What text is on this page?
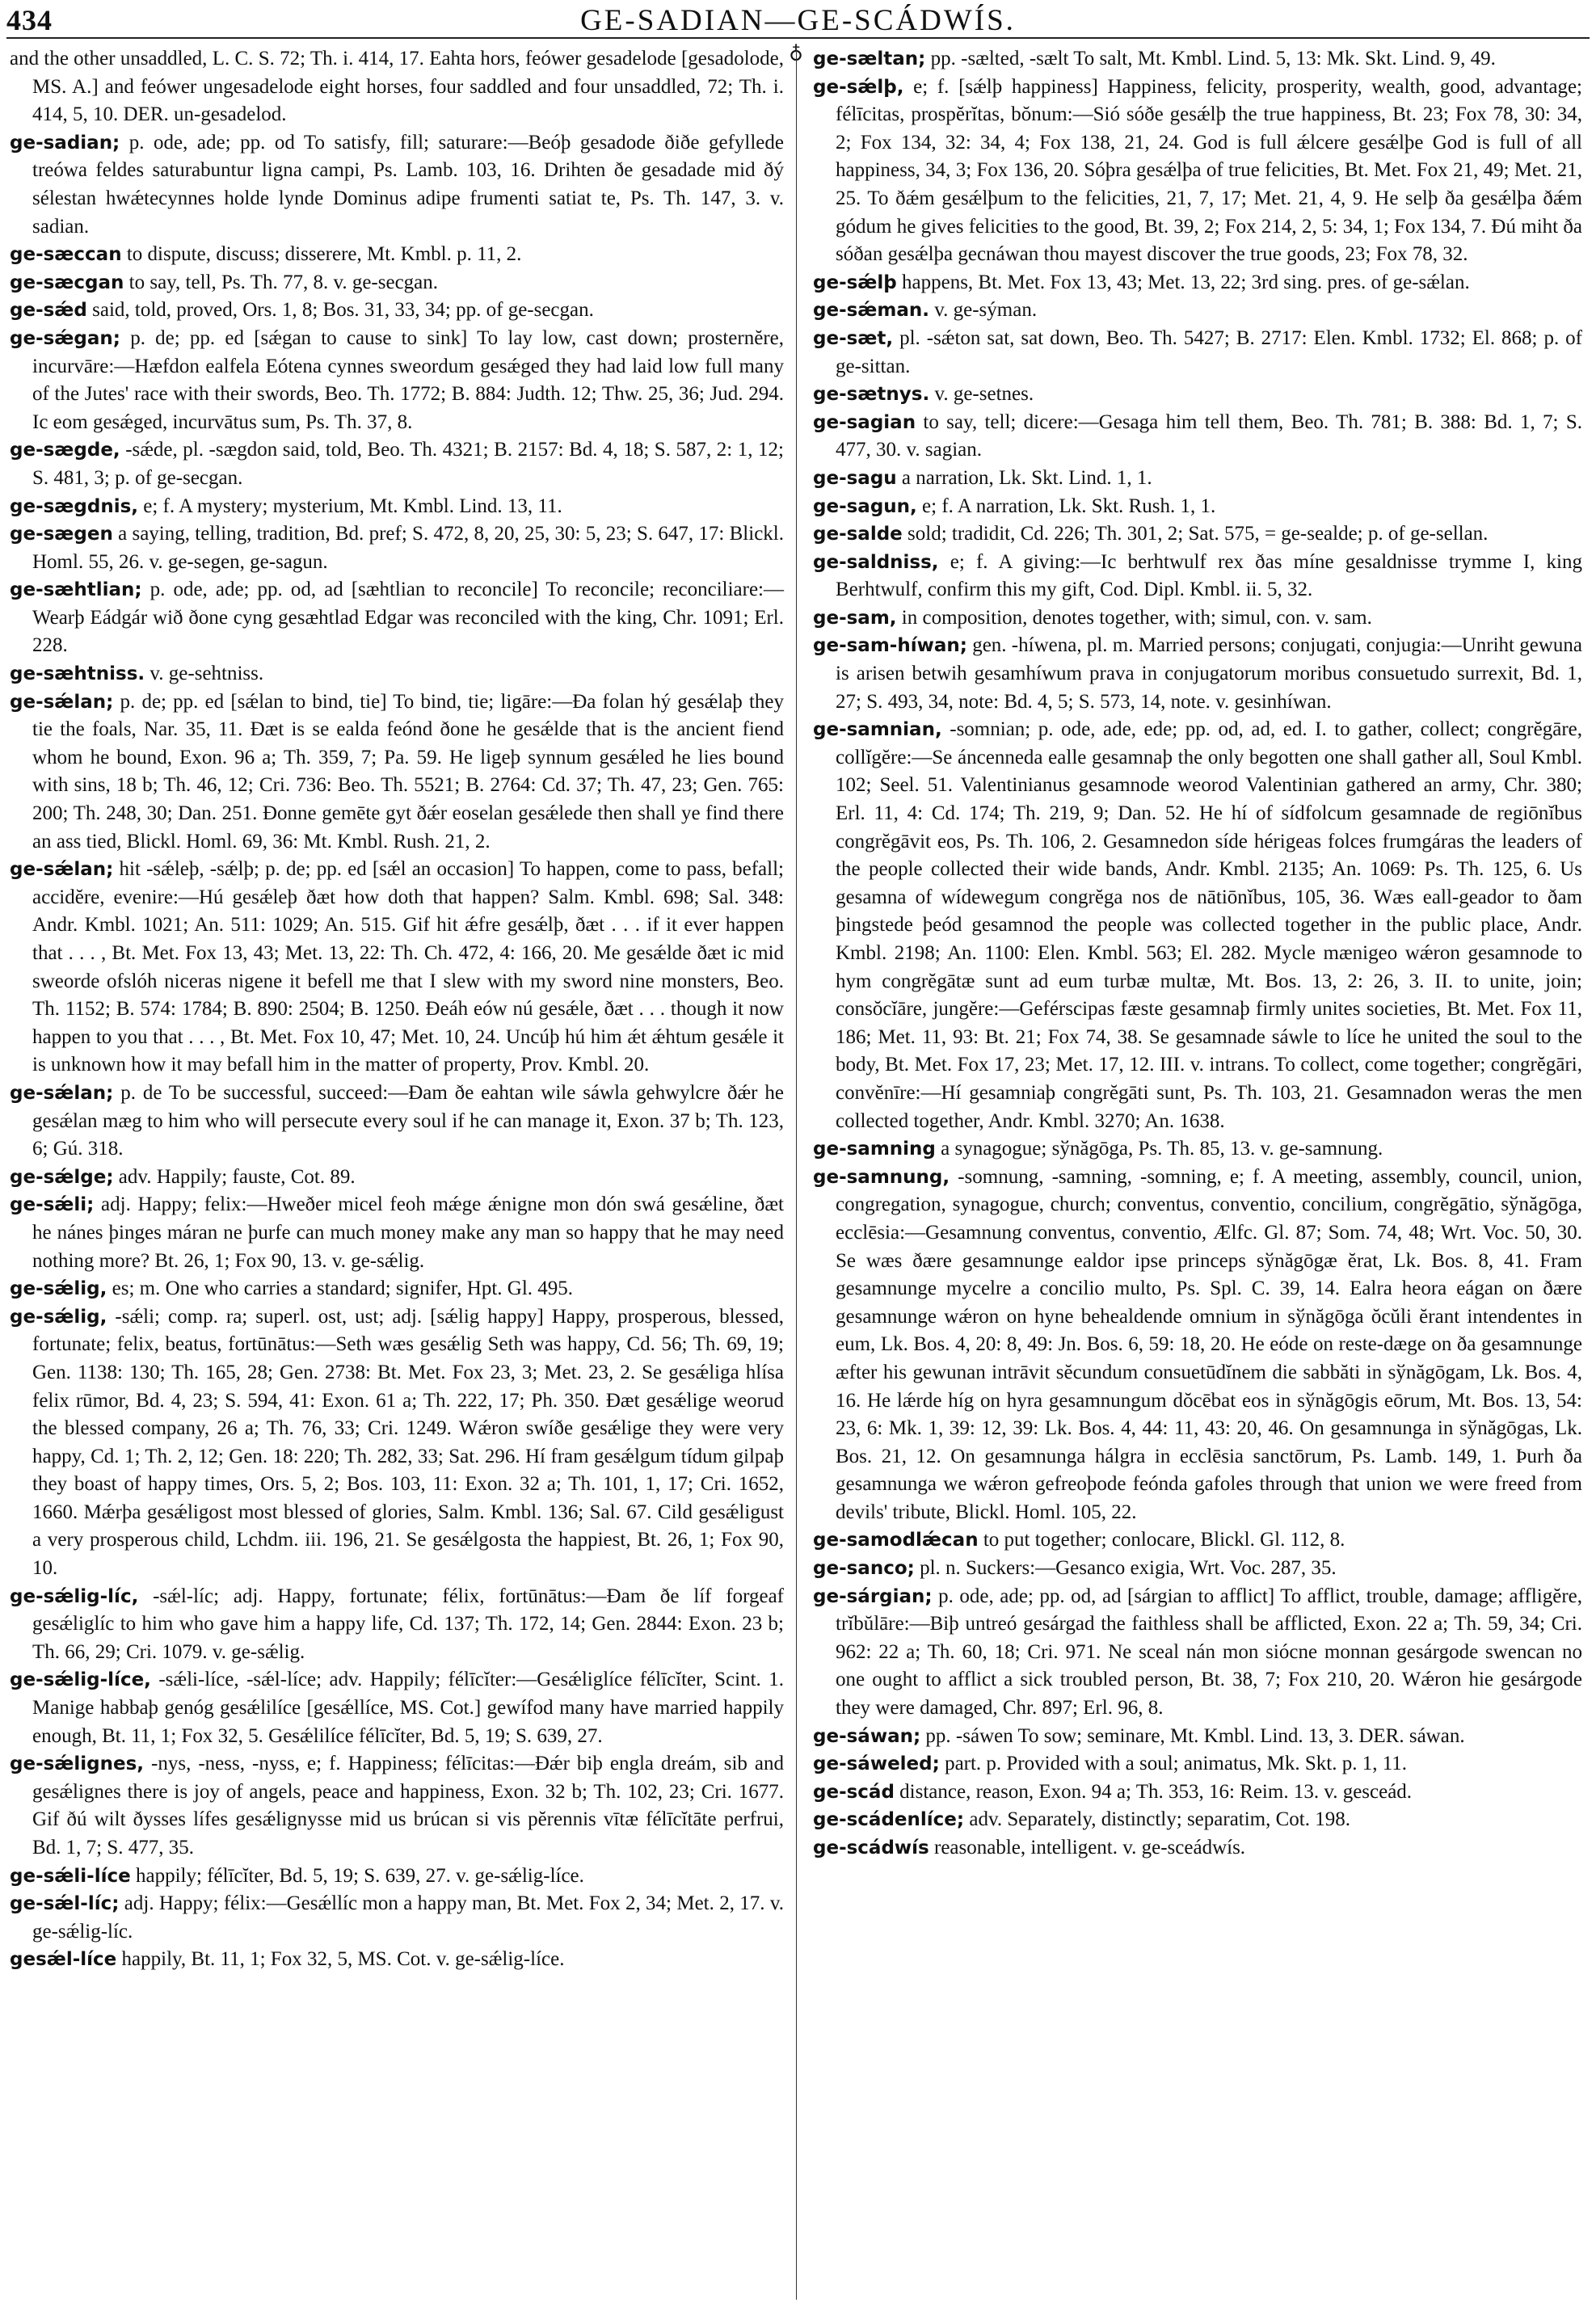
434	GE-SADIAN—GE-SCÁDWÍS.
♁
and the other unsaddled, L. C. S. 72; Th. i. 414, 17. Eahta hors, feówer gesadelode [gesadolode, MS. A.] and feówer ungesadelode eight horses, four saddled and four unsaddled, 72; Th. i. 414, 5, 10. DER. un-gesadelod.
ge-sadian; p. ode, ade; pp. od To satisfy, fill; saturare:—Beóþ gesadode ðiðe gefyllede treówa feldes saturabuntur ligna campi, Ps. Lamb. 103, 16. Drihten ðe gesadade mid ðý sélestan hwǽtecynnes holde lynde Dominus adipe frumenti satiat te, Ps. Th. 147, 3. v. sadian.
ge-sæccan to dispute, discuss; disserere, Mt. Kmbl. p. 11, 2.
ge-sæcgan to say, tell, Ps. Th. 77, 8. v. ge-secgan.
ge-sǽd said, told, proved, Ors. 1, 8; Bos. 31, 33, 34; pp. of ge-secgan.
ge-sǽgan; p. de; pp. ed [sǽgan to cause to sink] To lay low, cast down; prosternĕre, incurvāre:—Hæfdon ealfela Eótena cynnes sweordum gesǽged they had laid low full many of the Jutes' race with their swords, Beo. Th. 1772; B. 884: Judth. 12; Thw. 25, 36; Jud. 294. Ic eom gesǽged, incurvātus sum, Ps. Th. 37, 8.
ge-sægde, -sǽde, pl. -sægdon said, told, Beo. Th. 4321; B. 2157: Bd. 4, 18; S. 587, 2: 1, 12; S. 481, 3; p. of ge-secgan.
ge-sægdnis, e; f. A mystery; mysterium, Mt. Kmbl. Lind. 13, 11.
ge-sægen a saying, telling, tradition, Bd. pref; S. 472, 8, 20, 25, 30: 5, 23; S. 647, 17: Blickl. Homl. 55, 26. v. ge-segen, ge-sagun.
ge-sæhtlian; p. ode, ade; pp. od, ad [sæhtlian to reconcile] To reconcile; reconciliare:—Wearþ Eádgár wið ðone cyng gesæhtlad Edgar was reconciled with the king, Chr. 1091; Erl. 228.
ge-sæhtniss. v. ge-sehtniss.
ge-sǽlan; p. de; pp. ed [sǽlan to bind, tie] To bind, tie; ligāre:—Ða folan hý gesǽlaþ they tie the foals, Nar. 35, 11. Ðæt is se ealda feónd ðone he gesǽlde that is the ancient fiend whom he bound, Exon. 96 a; Th. 359, 7; Pa. 59. He ligeþ synnum gesǽled he lies bound with sins, 18 b; Th. 46, 12; Cri. 736: Beo. Th. 5521; B. 2764: Cd. 37; Th. 47, 23; Gen. 765: 200; Th. 248, 30; Dan. 251. Ðonne gemēte gyt ðǽr eoselan gesǽlede then shall ye find there an ass tied, Blickl. Homl. 69, 36: Mt. Kmbl. Rush. 21, 2.
ge-sǽlan; hit -sǽleþ, -sǽlþ; p. de; pp. ed [sǽl an occasion] To happen, come to pass, befall; accidĕre, evenire:—Hú gesǽleþ ðæt how doth that happen? Salm. Kmbl. 698; Sal. 348: Andr. Kmbl. 1021; An. 511: 1029; An. 515. Gif hit ǽfre gesǽlþ, ðæt . . . if it ever happen that . . . , Bt. Met. Fox 13, 43; Met. 13, 22: Th. Ch. 472, 4: 166, 20. Me gesǽlde ðæt ic mid sweorde ofslóh niceras nigene it befell me that I slew with my sword nine monsters, Beo. Th. 1152; B. 574: 1784; B. 890: 2504; B. 1250. Ðeáh eów nú gesǽle, ðæt . . . though it now happen to you that . . . , Bt. Met. Fox 10, 47; Met. 10, 24. Uncúþ hú him ǽt ǽhtum gesǽle it is unknown how it may befall him in the matter of property, Prov. Kmbl. 20.
ge-sǽlan; p. de To be successful, succeed:—Ðam ðe eahtan wile sáwla gehwylcre ðǽr he gesǽlan mæg to him who will persecute every soul if he can manage it, Exon. 37 b; Th. 123, 6; Gú. 318.
ge-sǽlge; adv. Happily; fauste, Cot. 89.
ge-sǽli; adj. Happy; felix:—Hweðer micel feoh mǽge ǽnigne mon dón swá gesǽline, ðæt he nánes þinges máran ne þurfe can much money make any man so happy that he may need nothing more? Bt. 26, 1; Fox 90, 13. v. ge-sǽlig.
ge-sǽlig, es; m. One who carries a standard; signifer, Hpt. Gl. 495.
ge-sǽlig, -sǽli; comp. ra; superl. ost, ust; adj. [sǽlig happy] Happy, prosperous, blessed, fortunate; felix, beatus, fortūnātus:—Seth wæs gesǽlig Seth was happy, Cd. 56; Th. 69, 19; Gen. 1138: 130; Th. 165, 28; Gen. 2738: Bt. Met. Fox 23, 3; Met. 23, 2. Se gesǽliga hlísa felix rūmor, Bd. 4, 23; S. 594, 41: Exon. 61 a; Th. 222, 17; Ph. 350. Ðæt gesǽlige weorud the blessed company, 26 a; Th. 76, 33; Cri. 1249. Wǽron swíðe gesǽlige they were very happy, Cd. 1; Th. 2, 12; Gen. 18: 220; Th. 282, 33; Sat. 296. Hí fram gesǽlgum tídum gilpaþ they boast of happy times, Ors. 5, 2; Bos. 103, 11: Exon. 32 a; Th. 101, 1, 17; Cri. 1652, 1660. Mǽrþa gesǽligost most blessed of glories, Salm. Kmbl. 136; Sal. 67. Cild gesǽligust a very prosperous child, Lchdm. iii. 196, 21. Se gesǽlgosta the happiest, Bt. 26, 1; Fox 90, 10.
ge-sǽlig-líc, -sǽl-líc; adj. Happy, fortunate; félix, fortūnātus:—Ðam ðe líf forgeaf gesǽliglíc to him who gave him a happy life, Cd. 137; Th. 172, 14; Gen. 2844: Exon. 23 b; Th. 66, 29; Cri. 1079. v. ge-sǽlig.
ge-sǽlig-líce, -sǽli-líce, -sǽl-líce; adv. Happily; félīcĭter:—Gesǽliglíce félīcĭter, Scint. 1. Manige habbaþ genóg gesǽlilíce [gesǽllíce, MS. Cot.] gewífod many have married happily enough, Bt. 11, 1; Fox 32, 5. Gesǽlilíce félīcĭter, Bd. 5, 19; S. 639, 27.
ge-sǽlignes, -nys, -ness, -nyss, e; f. Happiness; félīcitas:—Ðǽr biþ engla dreám, sib and gesǽlignes there is joy of angels, peace and happiness, Exon. 32 b; Th. 102, 23; Cri. 1677. Gif ðú wilt ðysses lífes gesǽlignysse mid us brúcan si vis pĕrennis vītæ félīcĭtāte perfrui, Bd. 1, 7; S. 477, 35.
ge-sǽli-líce happily; félīcĭter, Bd. 5, 19; S. 639, 27. v. ge-sǽlig-líce.
ge-sǽl-líc; adj. Happy; félix:—Gesǽllíc mon a happy man, Bt. Met. Fox 2, 34; Met. 2, 17. v. ge-sǽlig-líc.
gesǽl-líce happily, Bt. 11, 1; Fox 32, 5, MS. Cot. v. ge-sǽlig-líce.
ge-sæltan; pp. -sælted, -sælt To salt, Mt. Kmbl. Lind. 5, 13: Mk. Skt. Lind. 9, 49.
ge-sǽlþ, e; f. [sǽlþ happiness] Happiness, felicity, prosperity, wealth, good, advantage; félīcitas, prospĕrĭtas, bŏnum:—Sió sóðe gesǽlþ the true happiness, Bt. 23; Fox 78, 30: 34, 2; Fox 134, 32: 34, 4; Fox 138, 21, 24. God is full ǽlcere gesǽlþe God is full of all happiness, 34, 3; Fox 136, 20. Sóþra gesǽlþa of true felicities, Bt. Met. Fox 21, 49; Met. 21, 25. To ðǽm gesǽlþum to the felicities, 21, 7, 17; Met. 21, 4, 9. He selþ ða gesǽlþa ðǽm gódum he gives felicities to the good, Bt. 39, 2; Fox 214, 2, 5: 34, 1; Fox 134, 7. Ðú miht ða sóðan gesǽlþa gecnáwan thou mayest discover the true goods, 23; Fox 78, 32.
ge-sǽlþ happens, Bt. Met. Fox 13, 43; Met. 13, 22; 3rd sing. pres. of ge-sǽlan.
ge-sǽman. v. ge-sýman.
ge-sæt, pl. -sǽton sat, sat down, Beo. Th. 5427; B. 2717: Elen. Kmbl. 1732; El. 868; p. of ge-sittan.
ge-sætnys. v. ge-setnes.
ge-sagian to say, tell; dicere:—Gesaga him tell them, Beo. Th. 781; B. 388: Bd. 1, 7; S. 477, 30. v. sagian.
ge-sagu a narration, Lk. Skt. Lind. 1, 1.
ge-sagun, e; f. A narration, Lk. Skt. Rush. 1, 1.
ge-salde sold; tradidit, Cd. 226; Th. 301, 2; Sat. 575, = ge-sealde; p. of ge-sellan.
ge-saldniss, e; f. A giving:—Ic berhtwulf rex ðas míne gesaldnisse trymme I, king Berhtwulf, confirm this my gift, Cod. Dipl. Kmbl. ii. 5, 32.
ge-sam, in composition, denotes together, with; simul, con. v. sam.
ge-sam-híwan; gen. -híwena, pl. m. Married persons; conjugati, conjugia:—Unriht gewuna is arisen betwih gesamhíwum prava in conjugatorum moribus consuetudo surrexit, Bd. 1, 27; S. 493, 34, note: Bd. 4, 5; S. 573, 14, note. v. gesinhíwan.
ge-samnian, -somnian; p. ode, ade, ede; pp. od, ad, ed. I. to gather, collect; congrĕgāre, collĭgĕre:—Se áncenneda ealle gesamnaþ the only begotten one shall gather all, Soul Kmbl. 102; Seel. 51. Valentinianus gesamnode weorod Valentinian gathered an army, Chr. 380; Erl. 11, 4: Cd. 174; Th. 219, 9; Dan. 52. He hí of sídfolcum gesamnade de regiōnĭbus congrĕgāvit eos, Ps. Th. 106, 2. Gesamnedon síde hérigeas folces frumgáras the leaders of the people collected their wide bands, Andr. Kmbl. 2135; An. 1069: Ps. Th. 125, 6. Us gesamna of wídewegum congrĕga nos de nātiōnĭbus, 105, 36. Wæs eall-geador to ðam þingstede þeód gesamnod the people was collected together in the public place, Andr. Kmbl. 2198; An. 1100: Elen. Kmbl. 563; El. 282. Mycle mænigeo wǽron gesamnode to hym congrĕgātæ sunt ad eum turbæ multæ, Mt. Bos. 13, 2: 26, 3. II. to unite, join; consŏcĭāre, jungĕre:—Geférscipas fæste gesamnaþ firmly unites societies, Bt. Met. Fox 11, 186; Met. 11, 93: Bt. 21; Fox 74, 38. Se gesamnade sáwle to líce he united the soul to the body, Bt. Met. Fox 17, 23; Met. 17, 12. III. v. intrans. To collect, come together; congrĕgāri, convĕnīre:—Hí gesamniaþ congrĕgāti sunt, Ps. Th. 103, 21. Gesamnadon weras the men collected together, Andr. Kmbl. 3270; An. 1638.
ge-samning a synagogue; sўnăgōga, Ps. Th. 85, 13. v. ge-samnung.
ge-samnung, -somnung, -samning, -somning, e; f. A meeting, assembly, council, union, congregation, synagogue, church; conventus, conventio, concilium, congrĕgātio, sўnăgōga, ecclēsia:—Gesamnung conventus, conventio, Ælfc. Gl. 87; Som. 74, 48; Wrt. Voc. 50, 30. Se wæs ðære gesamnunge ealdor ipse princeps sўnăgōgæ ĕrat, Lk. Bos. 8, 41. Fram gesamnunge mycelre a concilio multo, Ps. Spl. C. 39, 14. Ealra heora eágan on ðære gesamnunge wǽron on hyne behealdende omnium in sўnăgōga ŏcŭli ĕrant intendentes in eum, Lk. Bos. 4, 20: 8, 49: Jn. Bos. 6, 59: 18, 20. He eóde on reste-dæge on ða gesamnunge æfter his gewunan intrāvit sĕcundum consuetūdĭnem die sabbăti in sўnăgōgam, Lk. Bos. 4, 16. He lǽrde híg on hyra gesamnungum dŏcēbat eos in sўnăgōgis eōrum, Mt. Bos. 13, 54: 23, 6: Mk. 1, 39: 12, 39: Lk. Bos. 4, 44: 11, 43: 20, 46. On gesamnunga in sўnăgōgas, Lk. Bos. 21, 12. On gesamnunga hálgra in ecclēsia sanctōrum, Ps. Lamb. 149, 1. Þurh ða gesamnunga we wǽron gefreoþode feónda gafoles through that union we were freed from devils' tribute, Blickl. Homl. 105, 22.
ge-samodlǽcan to put together; conlocare, Blickl. Gl. 112, 8.
ge-sanco; pl. n. Suckers:—Gesanco exigia, Wrt. Voc. 287, 35.
ge-sárgian; p. ode, ade; pp. od, ad [sárgian to afflict] To afflict, trouble, damage; affligĕre, trĭbŭlāre:—Biþ untreó gesárgad the faithless shall be afflicted, Exon. 22 a; Th. 59, 34; Cri. 962: 22 a; Th. 60, 18; Cri. 971. Ne sceal nán mon siócne monnan gesárgode swencan no one ought to afflict a sick troubled person, Bt. 38, 7; Fox 210, 20. Wǽron hie gesárgode they were damaged, Chr. 897; Erl. 96, 8.
ge-sáwan; pp. -sáwen To sow; seminare, Mt. Kmbl. Lind. 13, 3. DER. sáwan.
ge-sáweled; part. p. Provided with a soul; animatus, Mk. Skt. p. 1, 11.
ge-scád distance, reason, Exon. 94 a; Th. 353, 16: Reim. 13. v. gesceád.
ge-scádenlíce; adv. Separately, distinctly; separatim, Cot. 198.
ge-scádwís reasonable, intelligent. v. ge-sceádwís.
